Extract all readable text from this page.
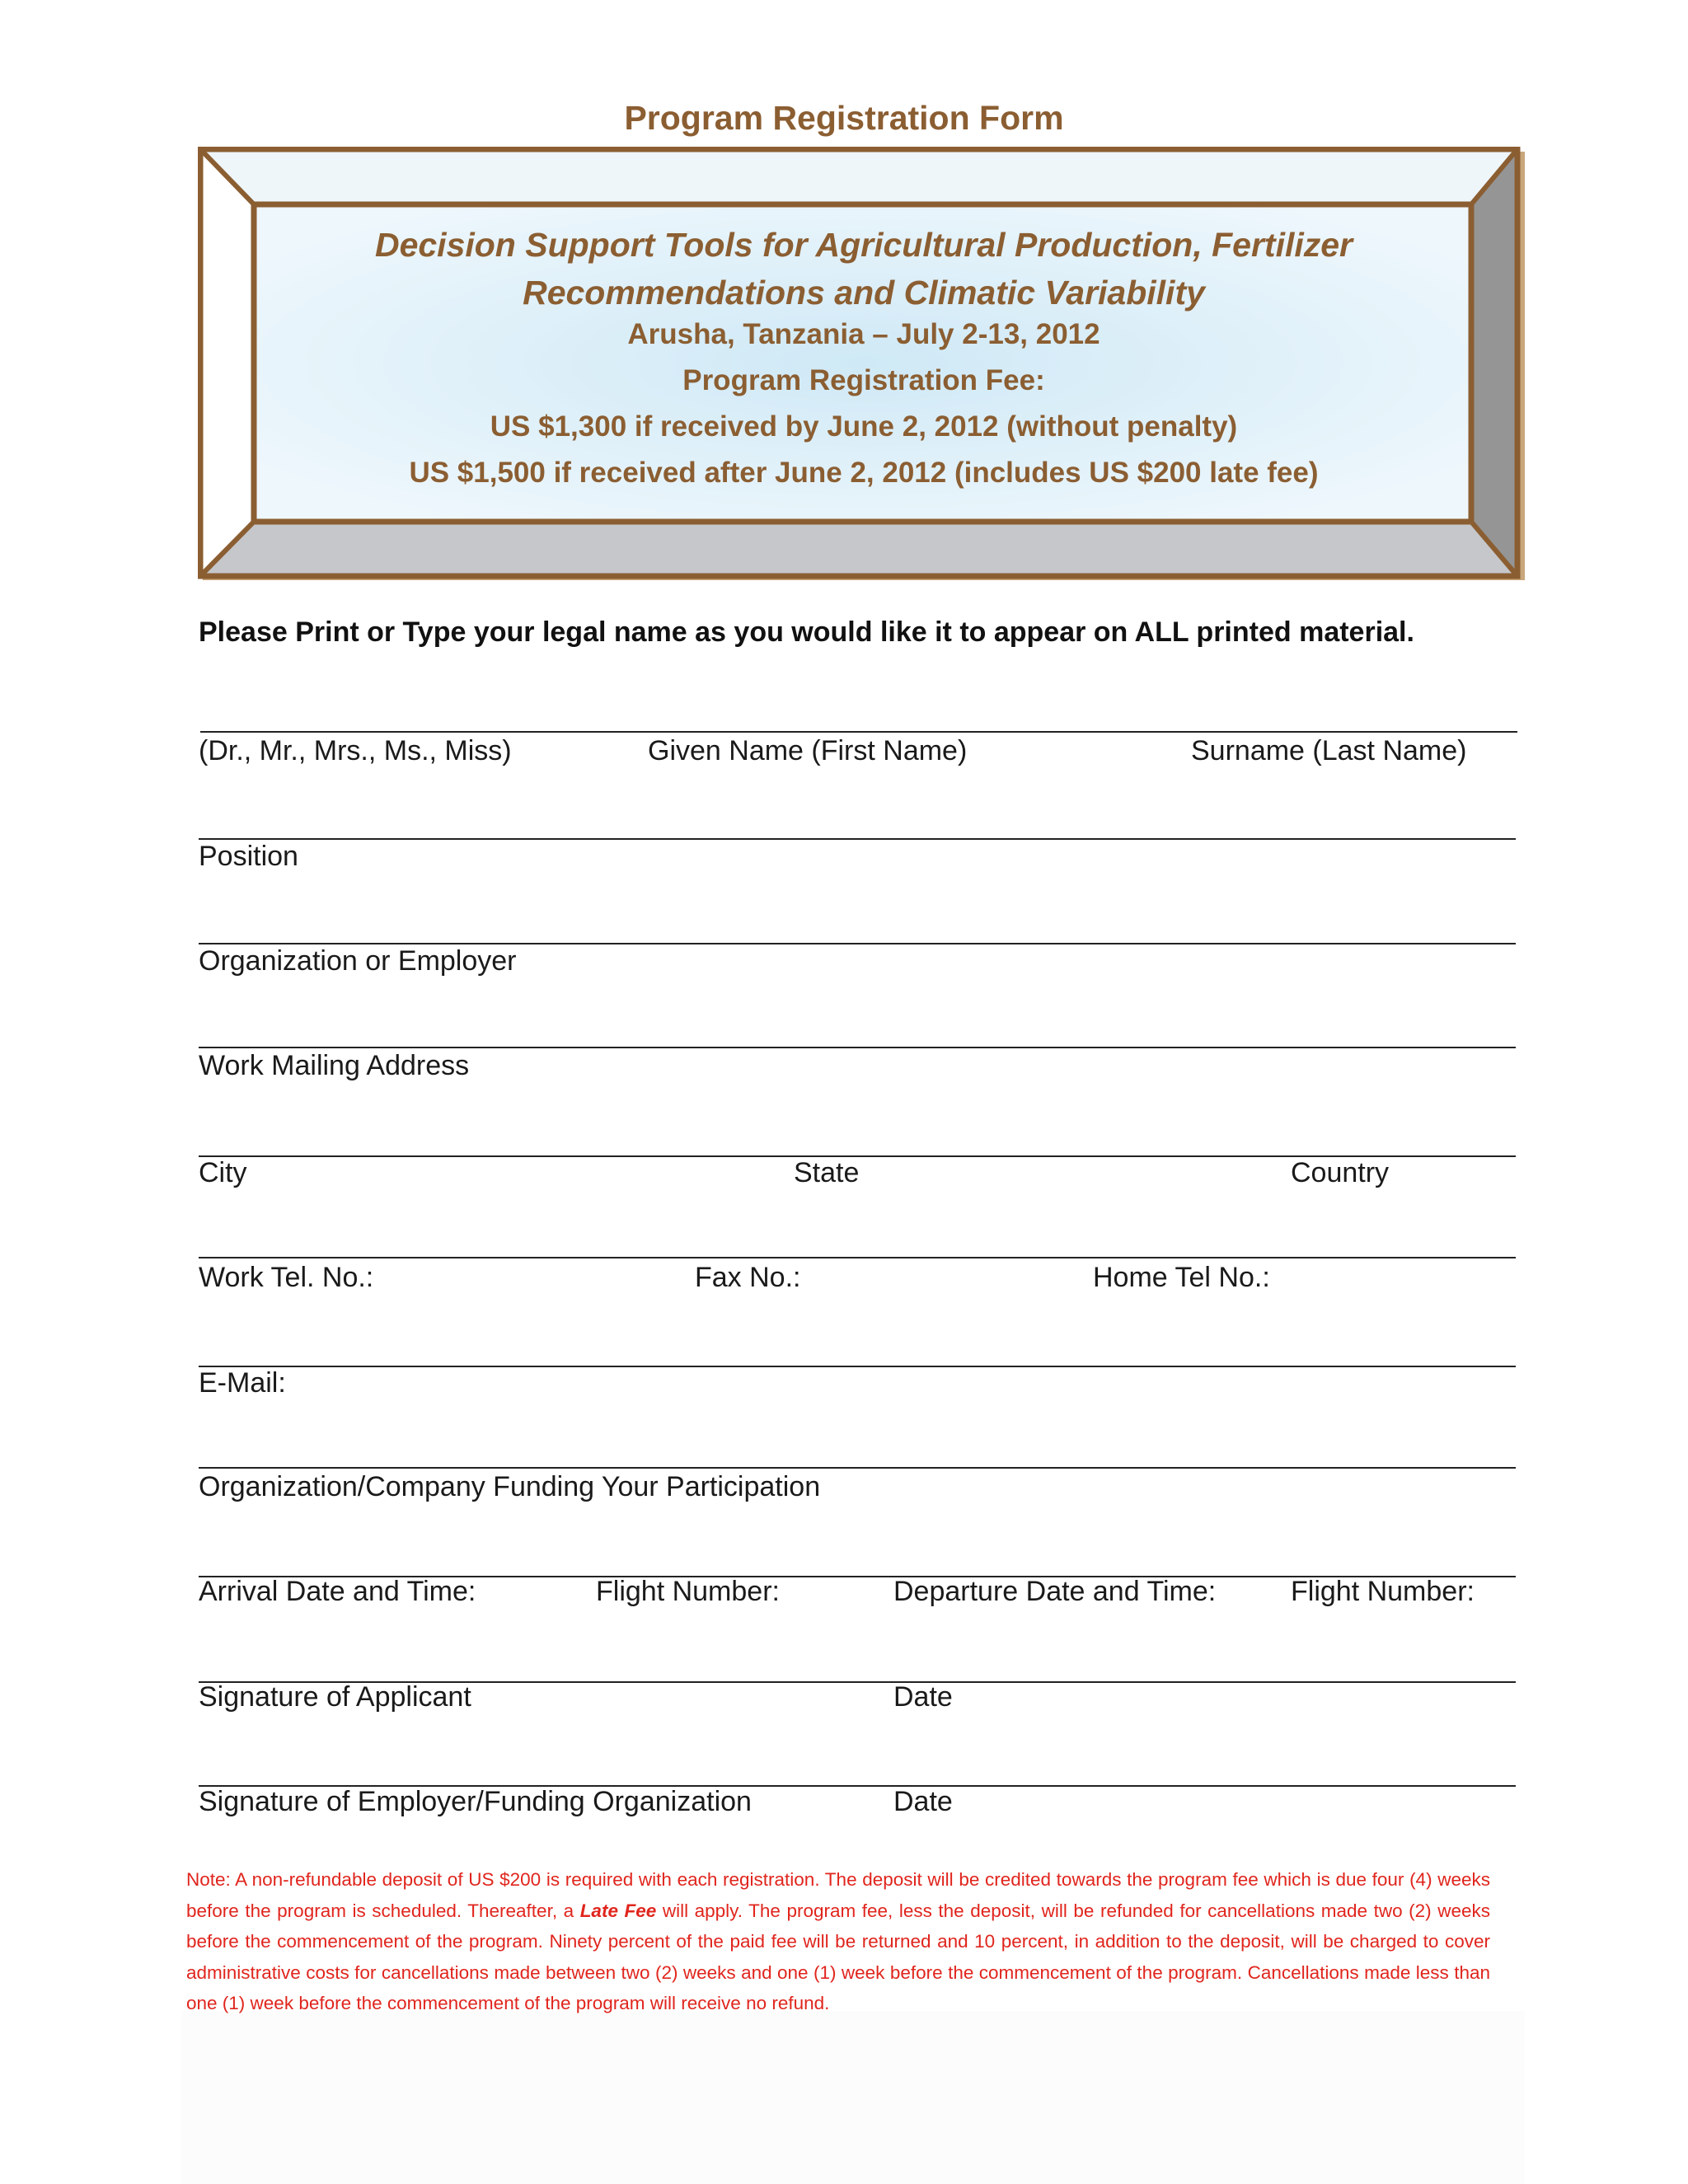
Program Registration Form
Decision Support Tools for Agricultural Production, Fertilizer
Recommendations and Climatic Variability
Arusha, Tanzania – July 2-13, 2012
Program Registration Fee:
US $1,300 if received by June 2, 2012 (without penalty)
US $1,500 if received after June 2, 2012 (includes US $200 late fee)
Please Print or Type your legal name as you would like it to appear on ALL printed material.
(Dr., Mr., Mrs., Ms., Miss)	Given Name (First Name)	Surname (Last Name)
Position
Organization or Employer
Work Mailing Address
City	State	Country
Work Tel. No.:	Fax No.:	Home Tel No.:
E-Mail:
Organization/Company Funding Your Participation
Arrival Date and Time:	Flight Number:	Departure Date and Time:	Flight Number:
Signature of Applicant	Date
Signature of Employer/Funding Organization	Date
Note: A non-refundable deposit of US $200 is required with each registration. The deposit will be credited towards the program fee which is due four (4) weeks before the program is scheduled. Thereafter, a Late Fee will apply. The program fee, less the deposit, will be refunded for cancellations made two (2) weeks before the commencement of the program. Ninety percent of the paid fee will be returned and 10 percent, in addition to the deposit, will be charged to cover administrative costs for cancellations made between two (2) weeks and one (1) week before the commencement of the program. Cancellations made less than one (1) week before the commencement of the program will receive no refund.
